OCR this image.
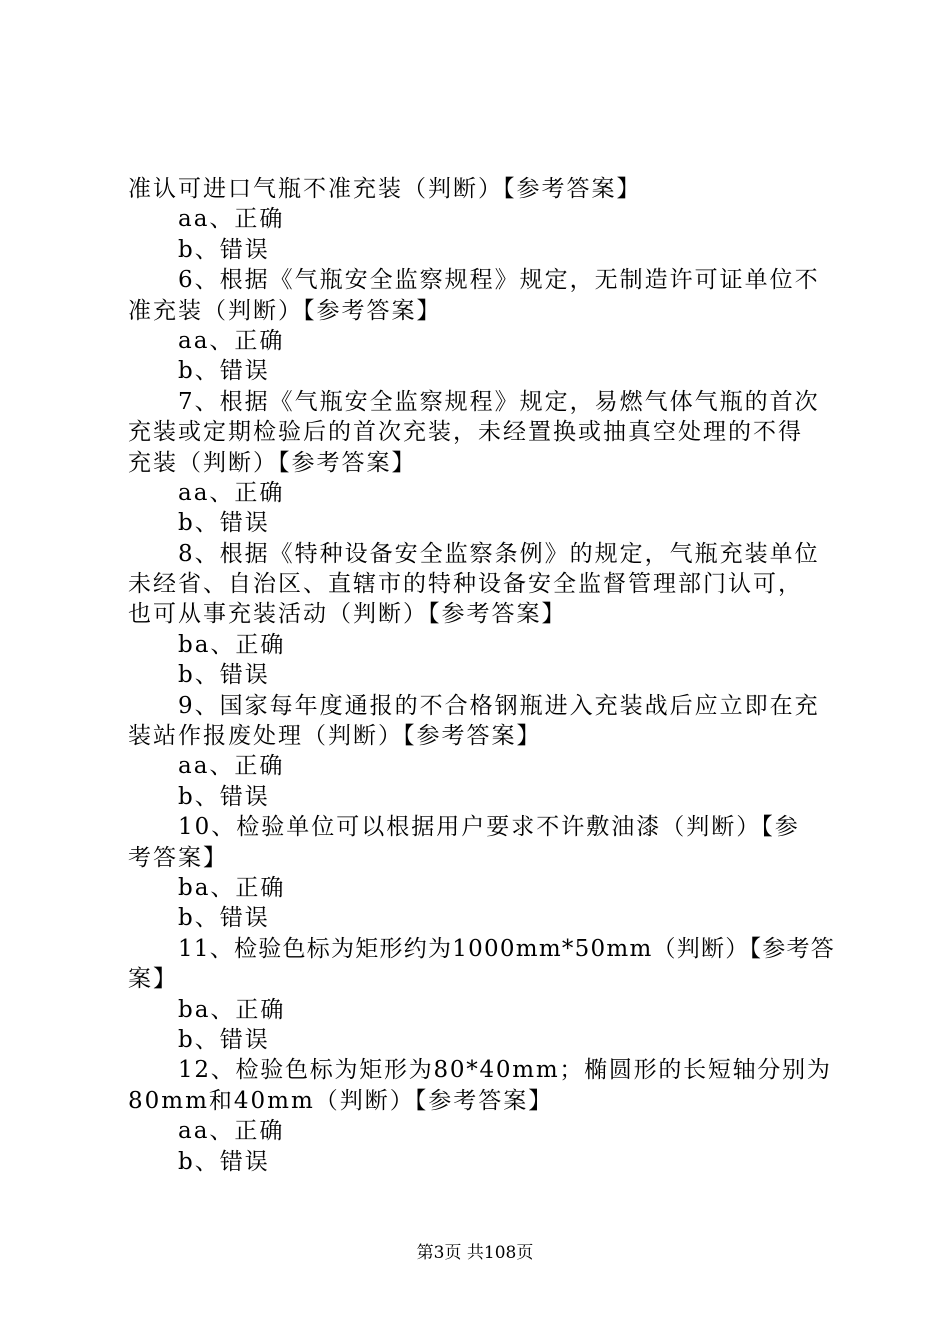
准认可进口气瓶不准充装（判断）【参考答案】
aa、正确
b、错误
6、根据《气瓶安全监察规程》规定，无制造许可证单位不
准充装（判断）【参考答案】
aa、正确
b、错误
7、根据《气瓶安全监察规程》规定，易燃气体气瓶的首次
充装或定期检验后的首次充装，未经置换或抽真空处理的不得
充装（判断）【参考答案】
aa、正确
b、错误
8、根据《特种设备安全监察条例》的规定，气瓶充装单位
未经省、自治区、直辖市的特种设备安全监督管理部门认可，
也可从事充装活动（判断）【参考答案】
ba、正确
b、错误
9、国家每年度通报的不合格钢瓶进入充装战后应立即在充
装站作报废处理（判断）【参考答案】
aa、正确
b、错误
10、检验单位可以根据用户要求不许敷油漆（判断）【参
考答案】
ba、正确
b、错误
11、检验色标为矩形约为1000mm*50mm（判断）【参考答
案】
ba、正确
b、错误
12、检验色标为矩形为80*40mm；椭圆形的长短轴分别为
80mm和40mm（判断）【参考答案】
aa、正确
b、错误
第3页 共108页
